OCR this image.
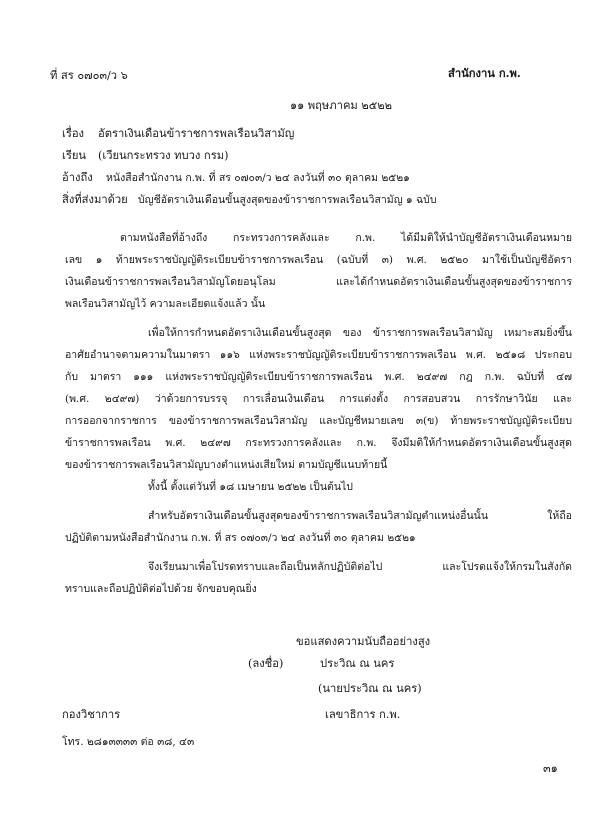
ที่ สร ๐๗๐๓/ว ๖	สำนักงาน ก.พ.
๑๑ พฤษภาคม ๒๕๒๒
เรื่อง อัตราเงินเดือนข้าราชการพลเรือนวิสามัญ
เรียน (เวียนกระทรวง ทบวง กรม)
อ้างถึง หนังสือสำนักงาน ก.พ. ที่ สร ๐๗๐๓/ว ๒๔ ลงวันที่ ๓๐ ตุลาคม ๒๕๒๑
สิ่งที่ส่งมาด้วย บัญชีอัตราเงินเดือนขั้นสูงสุดของข้าราชการพลเรือนวิสามัญ ๑ ฉบับ
ตามหนังสือที่อ้างถึง กระทรวงการคลังและ ก.พ. ได้มีมติให้นำบัญชีอัตราเงินเดือนหมาย
เลข ๑ ท้ายพระราชบัญญัติระเบียบข้าราชการพลเรือน (ฉบับที่ ๓) พ.ศ. ๒๕๒๐ มาใช้เป็นบัญชีอัตรา
เงินเดือนข้าราชการพลเรือนวิสามัญโดยอนุโลม และได้กำหนดอัตราเงินเดือนขั้นสูงสุดของข้าราชการ
พลเรือนวิสามัญไว้ ความละเอียดแจ้งแล้ว นั้น
เพื่อให้การกำหนดอัตราเงินเดือนขั้นสูงสุด ของ ข้าราชการพลเรือนวิสามัญ เหมาะสมยิ่งขึ้น
อาศัยอำนาจตามความในมาตรา ๑๑๖ แห่งพระราชบัญญัติระเบียบข้าราชการพลเรือน พ.ศ. ๒๕๑๘ ประกอบ
กับ มาตรา ๑๑๑ แห่งพระราชบัญญัติระเบียบข้าราชการพลเรือน พ.ศ. ๒๔๙๗ กฎ ก.พ. ฉบับที่ ๔๗
(พ.ศ. ๒๔๙๗) ว่าด้วยการบรรจุ การเลื่อนเงินเดือน การแต่งตั้ง การสอบสวน การรักษาวินัย และ
การออกจากราชการ ของข้าราชการพลเรือนวิสามัญ และบัญชีหมายเลข ๓(ข) ท้ายพระราชบัญญัติระเบียบ
ข้าราชการพลเรือน พ.ศ. ๒๔๙๗ กระทรวงการคลังและ ก.พ. จึงมีมติให้กำหนดอัตราเงินเดือนขั้นสูงสุด
ของข้าราชการพลเรือนวิสามัญบางตำแหน่งเสียใหม่ ตามบัญชีแนบท้ายนี้
ทั้งนี้ ตั้งแต่วันที่ ๑๘ เมษายน ๒๕๒๒ เป็นต้นไป
สำหรับอัตราเงินเดือนขั้นสูงสุดของข้าราชการพลเรือนวิสามัญตำแหน่งอื่นนั้น ให้ถือ
ปฏิบัติตามหนังสือสำนักงาน ก.พ. ที่ สร ๐๗๐๓/ว ๒๔ ลงวันที่ ๓๐ ตุลาคม ๒๕๒๑
จึงเรียนมาเพื่อโปรดทราบและถือเป็นหลักปฏิบัติต่อไป และโปรดแจ้งให้กรมในสังกัด
ทราบและถือปฏิบัติต่อไปด้วย จักขอบคุณยิ่ง
ขอแสดงความนับถืออย่างสูง
(ลงชื่อ)	ประวิณ ณ นคร
(นายประวิณ ณ นคร)
กองวิชาการ	เลขาธิการ ก.พ.
โทร. ๒๘๑๓๓๓๓ ต่อ ๓๘, ๔๓
๓๑
